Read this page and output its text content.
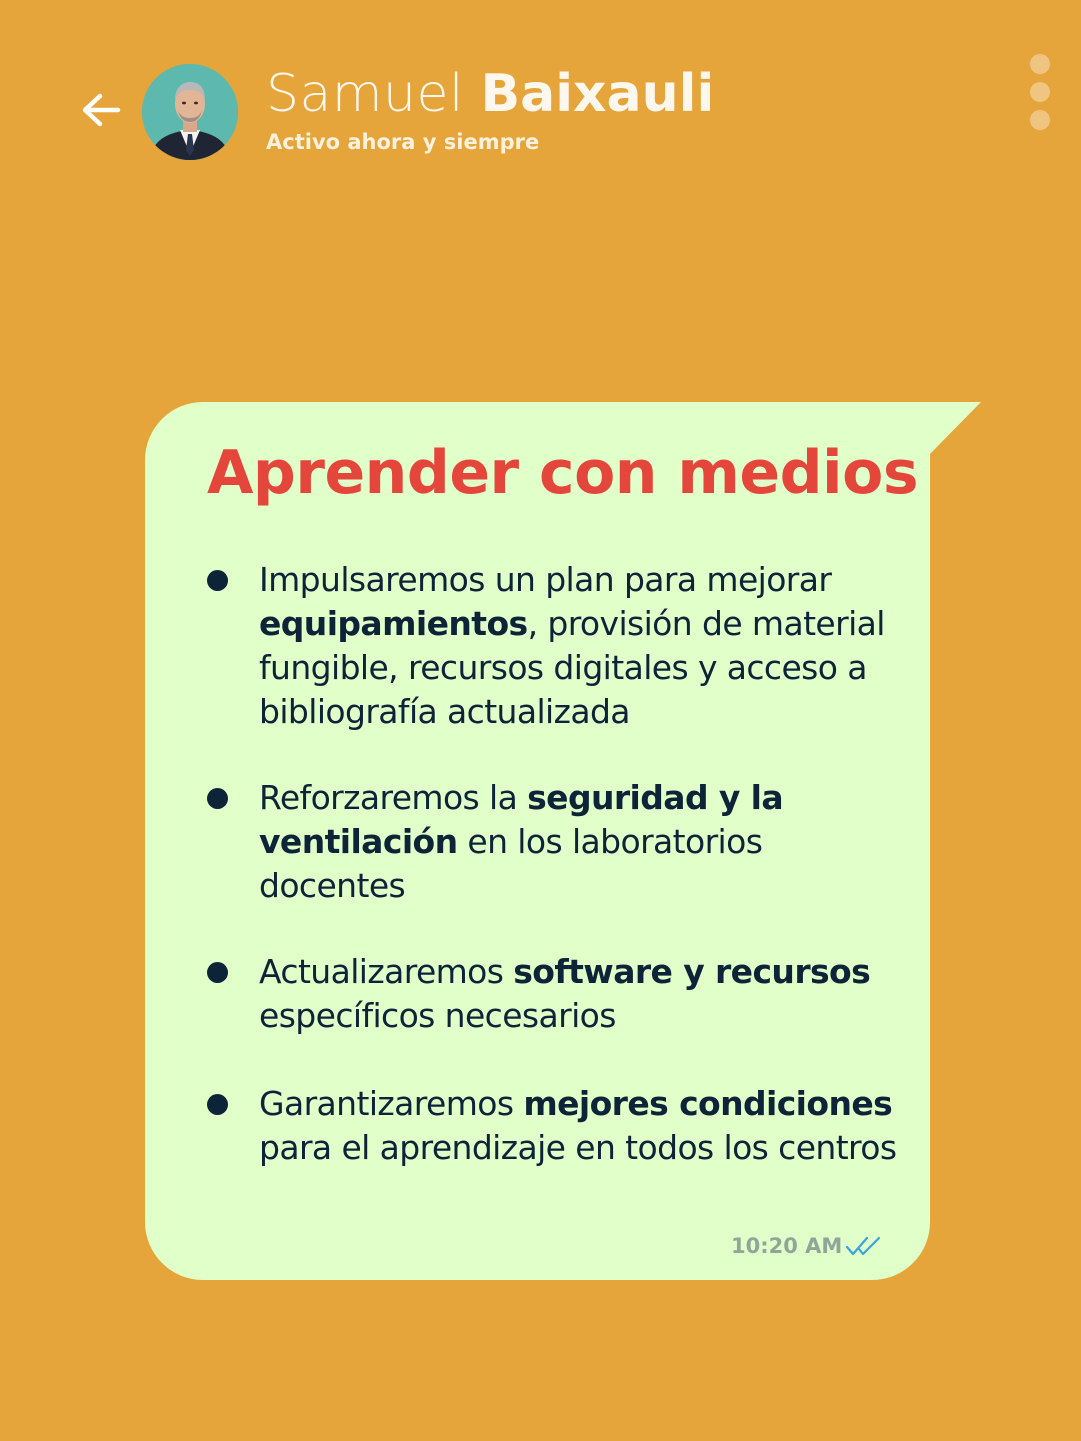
Samuel Baixauli
Activo ahora y siempre
Aprender con medios
Impulsaremos un plan para mejorar
equipamientos, provisión de material fungible, recursos digitales y acceso a bibliografía actualizada
Reforzaremos la seguridad y la ventilación en los laboratorios docentes
Actualizaremos software y recursos específicos necesarios
Garantizaremos mejores condiciones para el aprendizaje en todos los centros
10:20 AM
